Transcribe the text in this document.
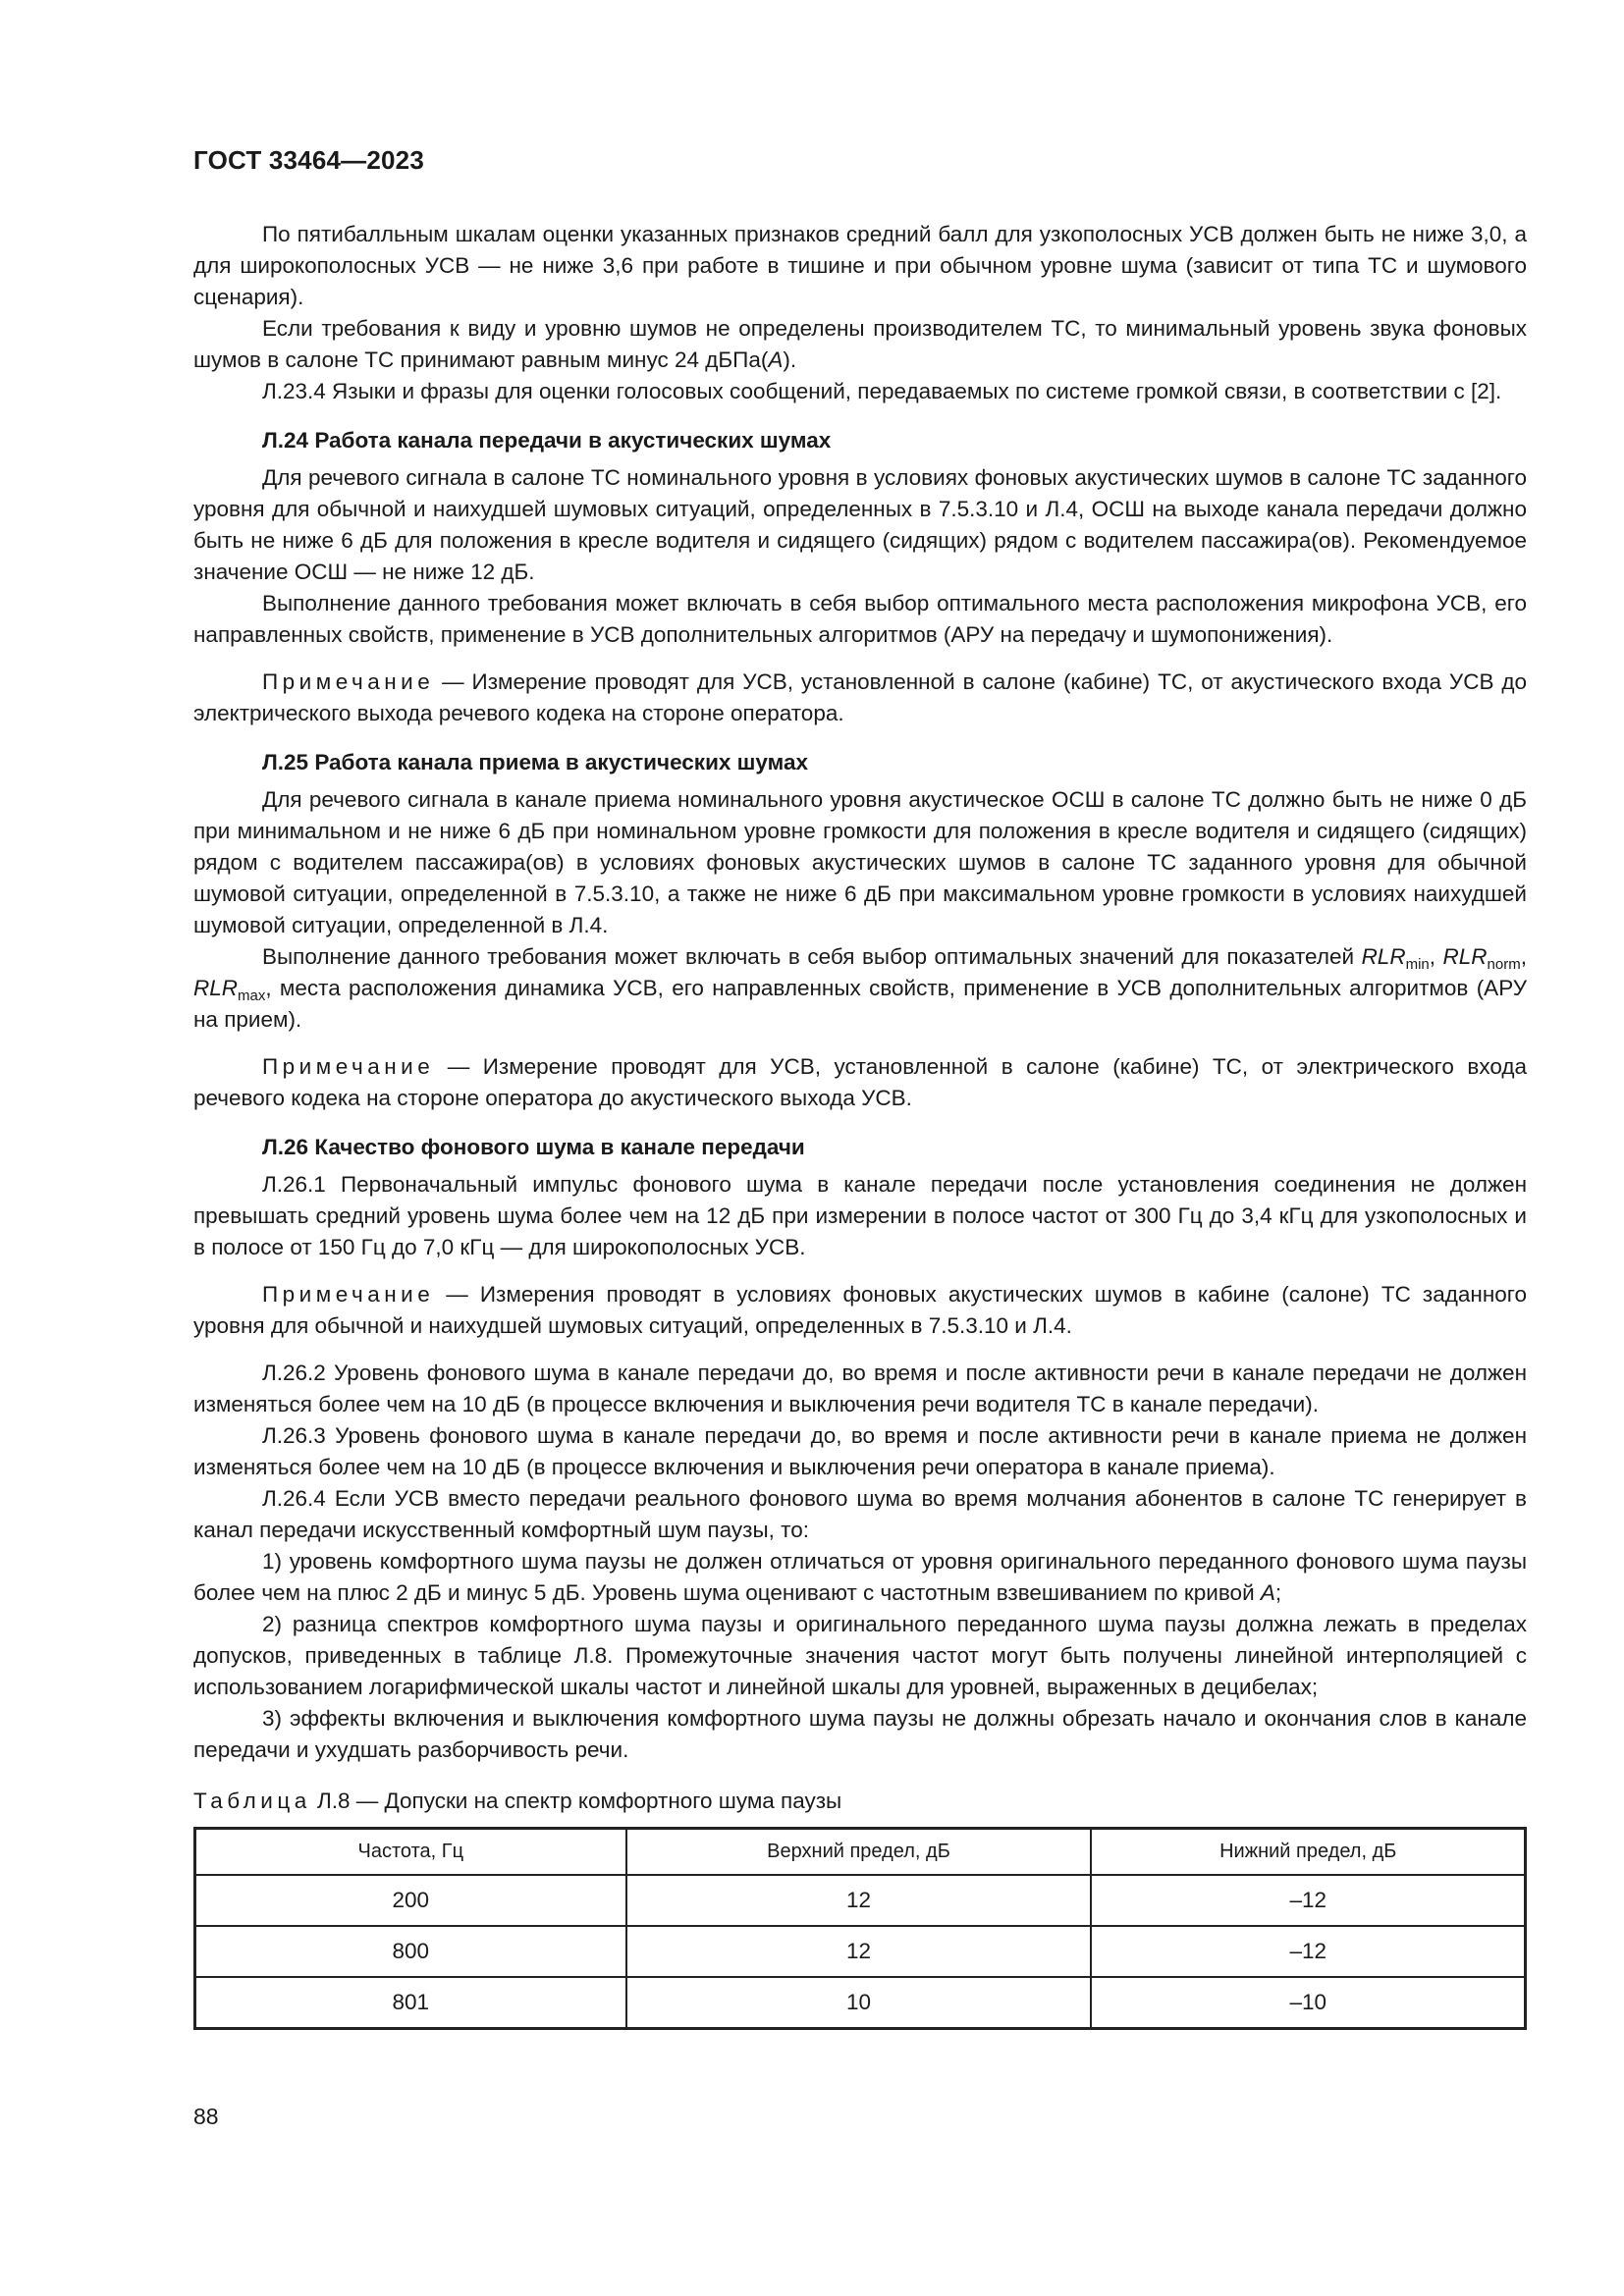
ГОСТ 33464—2023

По пятибалльным шкалам оценки указанных признаков средний балл для узкополосных УСВ должен быть не ниже 3,0, а для широкополосных УСВ — не ниже 3,6 при работе в тишине и при обычном уровне шума (зависит от типа ТС и шумового сценария).

Если требования к виду и уровню шумов не определены производителем ТС, то минимальный уровень звука фоновых шумов в салоне ТС принимают равным минус 24 дБПа(A).

Л.23.4 Языки и фразы для оценки голосовых сообщений, передаваемых по системе громкой связи, в соответствии с [2].

Л.24 Работа канала передачи в акустических шумах

Для речевого сигнала в салоне ТС номинального уровня в условиях фоновых акустических шумов в салоне ТС заданного уровня для обычной и наихудшей шумовых ситуаций, определенных в 7.5.3.10 и Л.4, ОСШ на выходе канала передачи должно быть не ниже 6 дБ для положения в кресле водителя и сидящего (сидящих) рядом с водителем пассажира(ов). Рекомендуемое значение ОСШ — не ниже 12 дБ.

Выполнение данного требования может включать в себя выбор оптимального места расположения микрофона УСВ, его направленных свойств, применение в УСВ дополнительных алгоритмов (АРУ на передачу и шумопонижения).

Примечание — Измерение проводят для УСВ, установленной в салоне (кабине) ТС, от акустического входа УСВ до электрического выхода речевого кодека на стороне оператора.

Л.25 Работа канала приема в акустических шумах

Для речевого сигнала в канале приема номинального уровня акустическое ОСШ в салоне ТС должно быть не ниже 0 дБ при минимальном и не ниже 6 дБ при номинальном уровне громкости для положения в кресле водителя и сидящего (сидящих) рядом с водителем пассажира(ов) в условиях фоновых акустических шумов в салоне ТС заданного уровня для обычной шумовой ситуации, определенной в 7.5.3.10, а также не ниже 6 дБ при максимальном уровне громкости в условиях наихудшей шумовой ситуации, определенной в Л.4.

Выполнение данного требования может включать в себя выбор оптимальных значений для показателей $RLR_{min}$, $RLR_{norm}$, $RLR_{max}$, места расположения динамика УСВ, его направленных свойств, применение в УСВ дополнительных алгоритмов (АРУ на прием).

Примечание — Измерение проводят для УСВ, установленной в салоне (кабине) ТС, от электрического входа речевого кодека на стороне оператора до акустического выхода УСВ.

Л.26 Качество фонового шума в канале передачи

Л.26.1 Первоначальный импульс фонового шума в канале передачи после установления соединения не должен превышать средний уровень шума более чем на 12 дБ при измерении в полосе частот от 300 Гц до 3,4 кГц для узкополосных и в полосе от 150 Гц до 7,0 кГц — для широкополосных УСВ.

Примечание — Измерения проводят в условиях фоновых акустических шумов в кабине (салоне) ТС заданного уровня для обычной и наихудшей шумовых ситуаций, определенных в 7.5.3.10 и Л.4.

Л.26.2 Уровень фонового шума в канале передачи до, во время и после активности речи в канале передачи не должен изменяться более чем на 10 дБ (в процессе включения и выключения речи водителя ТС в канале передачи).

Л.26.3 Уровень фонового шума в канале передачи до, во время и после активности речи в канале приема не должен изменяться более чем на 10 дБ (в процессе включения и выключения речи оператора в канале приема).

Л.26.4 Если УСВ вместо передачи реального фонового шума во время молчания абонентов в салоне ТС генерирует в канал передачи искусственный комфортный шум паузы, то:

1) уровень комфортного шума паузы не должен отличаться от уровня оригинального переданного фонового шума паузы более чем на плюс 2 дБ и минус 5 дБ. Уровень шума оценивают с частотным взвешиванием по кривой A;

2) разница спектров комфортного шума паузы и оригинального переданного шума паузы должна лежать в пределах допусков, приведенных в таблице Л.8. Промежуточные значения частот могут быть получены линейной интерполяцией с использованием логарифмической шкалы частот и линейной шкалы для уровней, выраженных в децибелах;

3) эффекты включения и выключения комфортного шума паузы не должны обрезать начало и окончания слов в канале передачи и ухудшать разборчивость речи.

Таблица Л.8 — Допуски на спектр комфортного шума паузы
Частота, Гц	Верхний предел, дБ	Нижний предел, дБ
200	12	–12
800	12	–12
801	10	–10
88
